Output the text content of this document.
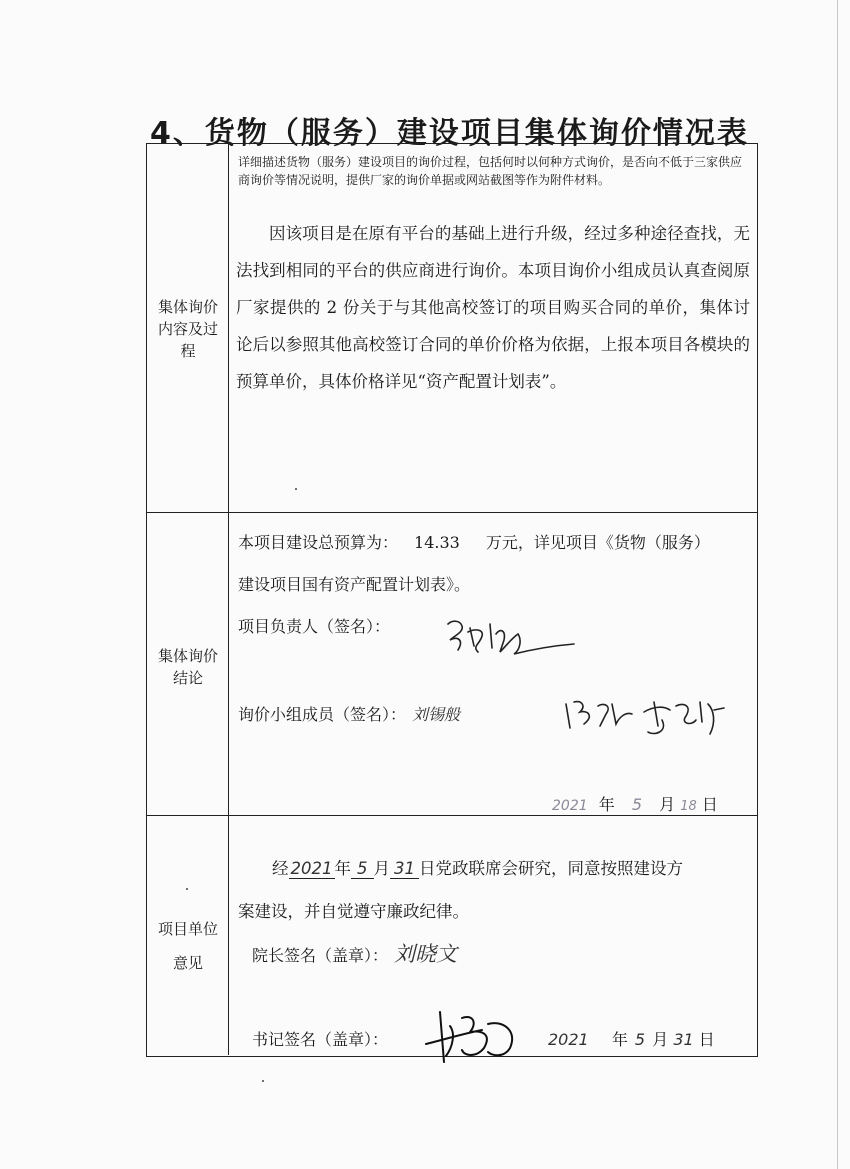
4、货物（服务）建设项目集体询价情况表
集体询价内容及过程
详细描述货物（服务）建设项目的询价过程，包括何时以何种方式询价，是否向不低于三家供应商询价等情况说明，提供厂家的询价单据或网站截图等作为附件材料。
因该项目是在原有平台的基础上进行升级，经过多种途径查找，无法找到相同的平台的供应商进行询价。本项目询价小组成员认真查阅原厂家提供的 2 份关于与其他高校签订的项目购买合同的单价，集体讨论后以参照其他高校签订合同的单价价格为依据，上报本项目各模块的预算单价，具体价格详见“资产配置计划表”。
集体询价结论
本项目建设总预算为： 14.33 万元，详见项目《货物（服务）
建设项目国有资产配置计划表》。
项目负责人（签名）：
询价小组成员（签名）： 刘锡般
2021 年 5 月 18 日
项目单位意见
经 2021 年 5 月 31 日党政联席会研究，同意按照建设方
案建设，并自觉遵守廉政纪律。
院长签名（盖章）： 刘晓文
书记签名（盖章）：	2021 年 5 月 31 日
